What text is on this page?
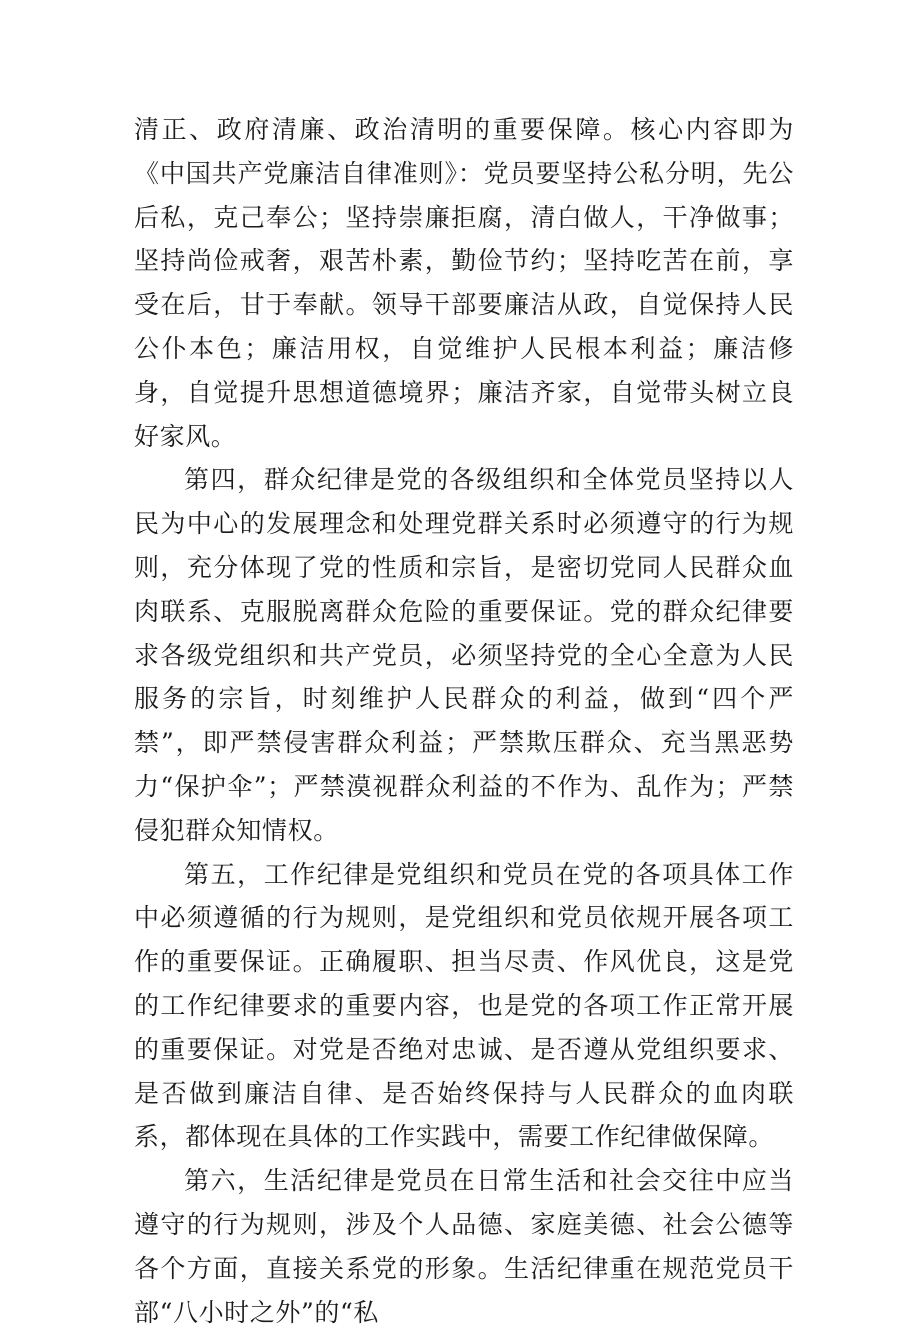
清正、政府清廉、政治清明的重要保障。核心内容即为《中国共产党廉洁自律准则》：党员要坚持公私分明，先公后私，克己奉公；坚持崇廉拒腐，清白做人，干净做事；坚持尚俭戒奢，艰苦朴素，勤俭节约；坚持吃苦在前，享受在后，甘于奉献。领导干部要廉洁从政，自觉保持人民公仆本色；廉洁用权，自觉维护人民根本利益；廉洁修身，自觉提升思想道德境界；廉洁齐家，自觉带头树立良好家风。

第四，群众纪律是党的各级组织和全体党员坚持以人民为中心的发展理念和处理党群关系时必须遵守的行为规则，充分体现了党的性质和宗旨，是密切党同人民群众血肉联系、克服脱离群众危险的重要保证。党的群众纪律要求各级党组织和共产党员，必须坚持党的全心全意为人民服务的宗旨，时刻维护人民群众的利益，做到“四个严禁”，即严禁侵害群众利益；严禁欺压群众、充当黑恶势力“保护伞”；严禁漠视群众利益的不作为、乱作为；严禁侵犯群众知情权。

第五，工作纪律是党组织和党员在党的各项具体工作中必须遵循的行为规则，是党组织和党员依规开展各项工作的重要保证。正确履职、担当尽责、作风优良，这是党的工作纪律要求的重要内容，也是党的各项工作正常开展的重要保证。对党是否绝对忠诚、是否遵从党组织要求、是否做到廉洁自律、是否始终保持与人民群众的血肉联系，都体现在具体的工作实践中，需要工作纪律做保障。

第六，生活纪律是党员在日常生活和社会交往中应当遵守的行为规则，涉及个人品德、家庭美德、社会公德等各个方面，直接关系党的形象。生活纪律重在规范党员干部“八小时之外”的“私
